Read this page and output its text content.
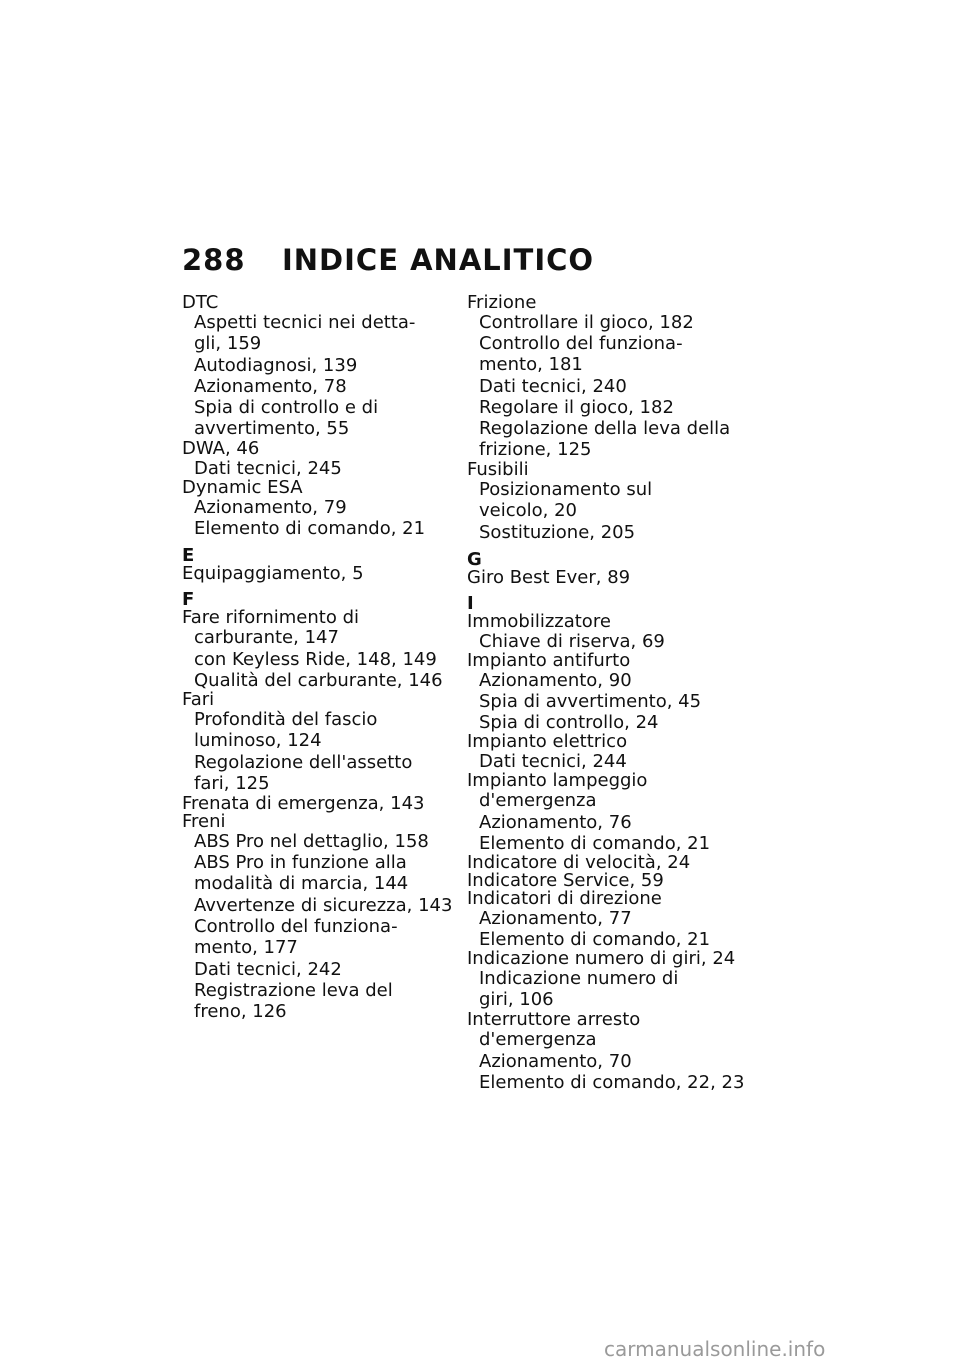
288 INDICE ANALITICO
DTC
Aspetti tecnici nei detta-
gli, 159
Autodiagnosi, 139
Azionamento, 78
Spia di controllo e di
avvertimento, 55
DWA, 46
Dati tecnici, 245
Dynamic ESA
Azionamento, 79
Elemento di comando, 21
E
Equipaggiamento, 5
F
Fare rifornimento di
carburante, 147
con Keyless Ride, 148, 149
Qualità del carburante, 146
Fari
Profondità del fascio
luminoso, 124
Regolazione dell'assetto
fari, 125
Frenata di emergenza, 143
Freni
ABS Pro nel dettaglio, 158
ABS Pro in funzione alla
modalità di marcia, 144
Avvertenze di sicurezza, 143
Controllo del funziona-
mento, 177
Dati tecnici, 242
Registrazione leva del
freno, 126
Frizione
Controllare il gioco, 182
Controllo del funziona-
mento, 181
Dati tecnici, 240
Regolare il gioco, 182
Regolazione della leva della
frizione, 125
Fusibili
Posizionamento sul
veicolo, 20
Sostituzione, 205
G
Giro Best Ever, 89
I
Immobilizzatore
Chiave di riserva, 69
Impianto antifurto
Azionamento, 90
Spia di avvertimento, 45
Spia di controllo, 24
Impianto elettrico
Dati tecnici, 244
Impianto lampeggio
d'emergenza
Azionamento, 76
Elemento di comando, 21
Indicatore di velocità, 24
Indicatore Service, 59
Indicatori di direzione
Azionamento, 77
Elemento di comando, 21
Indicazione numero di giri, 24
Indicazione numero di
giri, 106
Interruttore arresto
d'emergenza
Azionamento, 70
Elemento di comando, 22, 23
carmanualsonline.info
